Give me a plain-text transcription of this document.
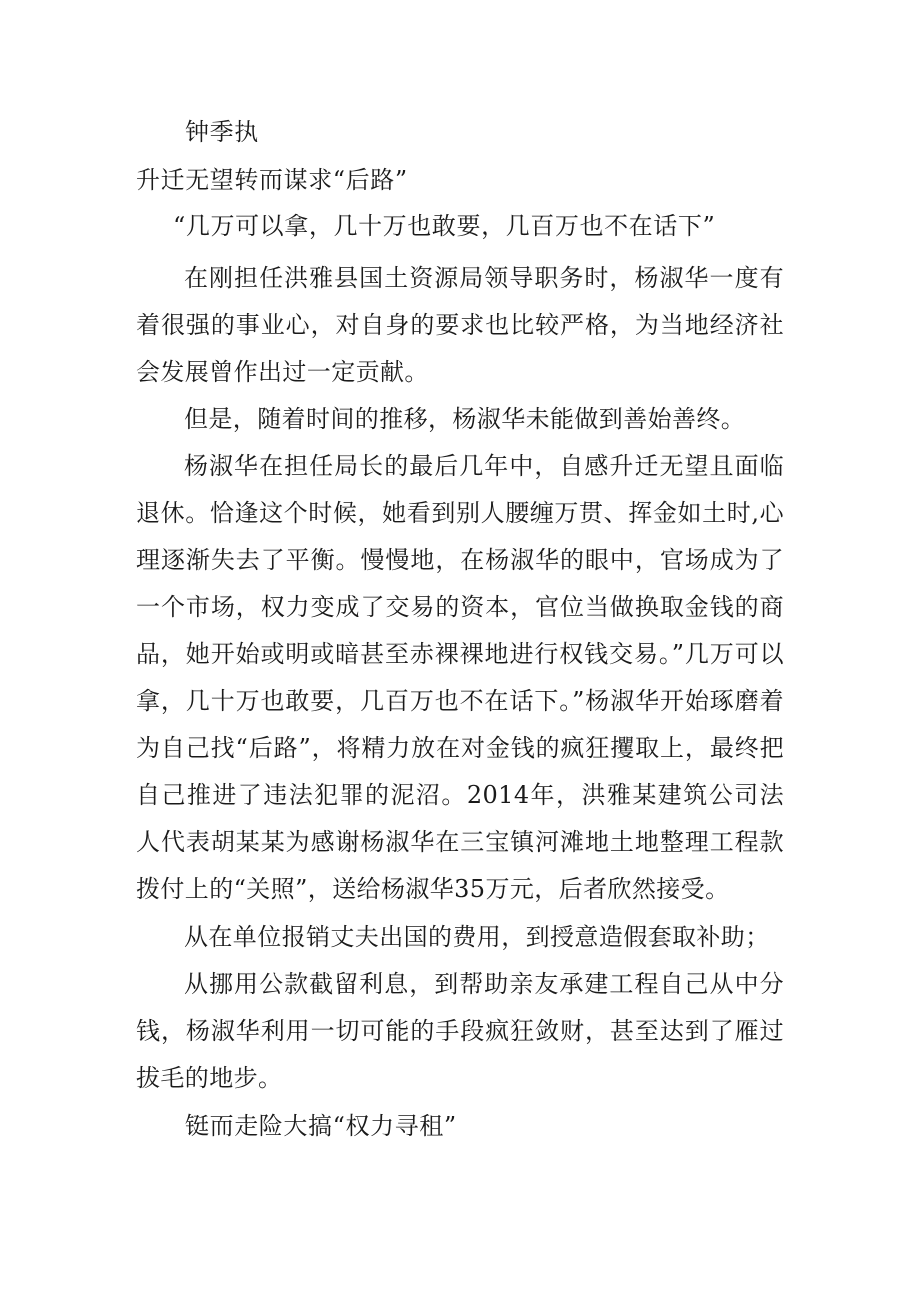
钟季执
升迁无望转而谋求“后路”
“几万可以拿，几十万也敢要，几百万也不在话下”

在刚担任洪雅县国土资源局领导职务时，杨淑华一度有着很强的事业心，对自身的要求也比较严格，为当地经济社会发展曾作出过一定贡献。

但是，随着时间的推移，杨淑华未能做到善始善终。

杨淑华在担任局长的最后几年中，自感升迁无望且面临退休。恰逢这个时候，她看到别人腰缠万贯、挥金如土时,心理逐渐失去了平衡。慢慢地，在杨淑华的眼中，官场成为了一个市场，权力变成了交易的资本，官位当做换取金钱的商品，她开始或明或暗甚至赤裸裸地进行权钱交易。”几万可以拿，几十万也敢要，几百万也不在话下。”杨淑华开始琢磨着为自己找“后路”，将精力放在对金钱的疯狂攫取上，最终把自己推进了违法犯罪的泥沼。2014年，洪雅某建筑公司法人代表胡某某为感谢杨淑华在三宝镇河滩地土地整理工程款拨付上的“关照”，送给杨淑华35万元，后者欣然接受。

从在单位报销丈夫出国的费用，到授意造假套取补助；

从挪用公款截留利息，到帮助亲友承建工程自己从中分钱，杨淑华利用一切可能的手段疯狂敛财，甚至达到了雁过拔毛的地步。

铤而走险大搞“权力寻租”
